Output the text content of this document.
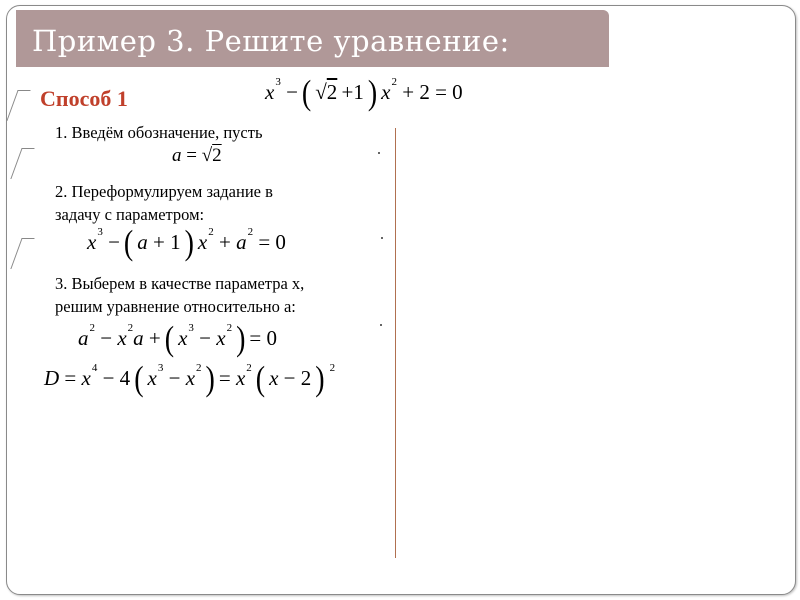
Пример 3. Решите уравнение:
Способ 1	$x^3$ − ( √2 +1 ) $x^2 + 2 = 0$
1. Введём обозначение, пусть
a = √2
2. Переформулируем задание в
задачу с параметром:
$x^3$ − ( a + 1 ) $x^2 + a^2 = 0$
3. Выберем в качестве параметра x,
решим уравнение относительно a:
$a^2 - x^2a$ + ( $x^3 - x^2$ ) = 0
$D = x^4 - 4$ ( $x^3 - x^2$ ) = $x^2$ ( x − 2 ) $^2$
